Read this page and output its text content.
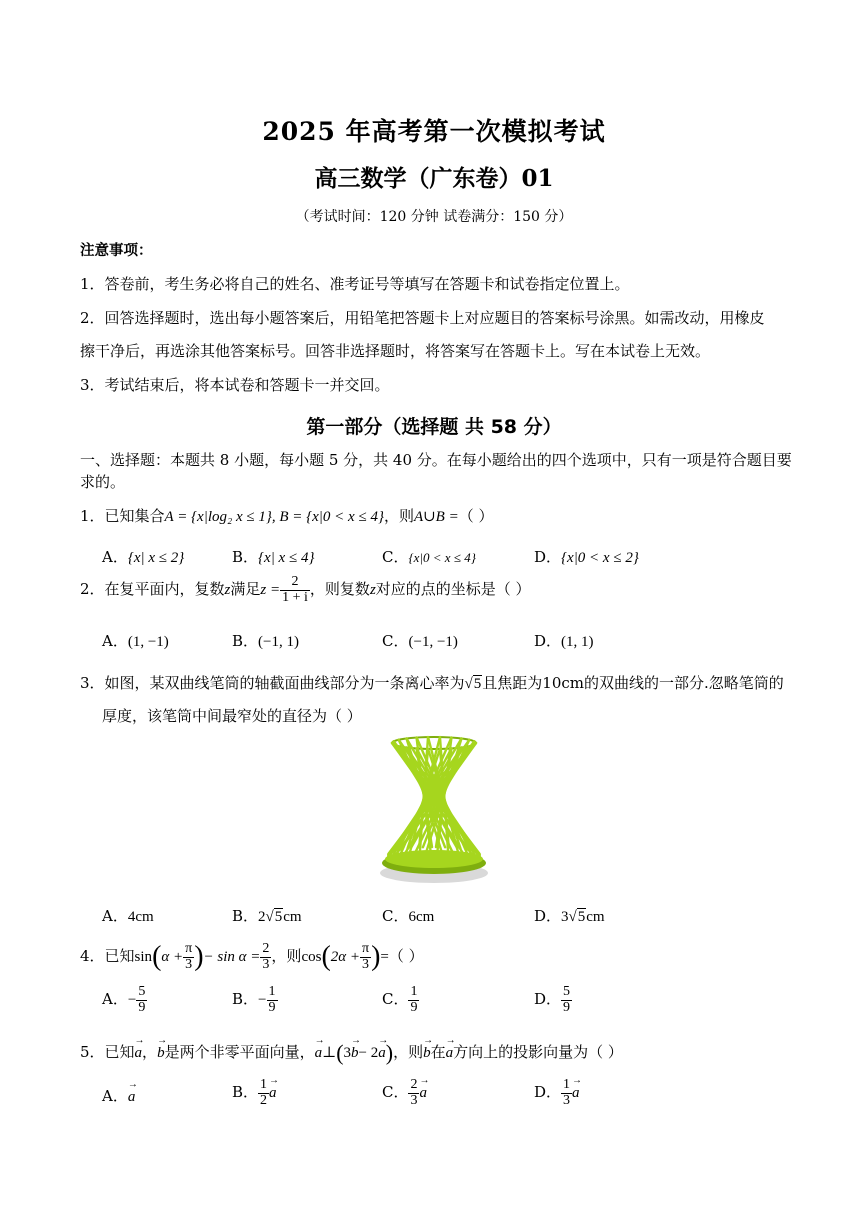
2025 年高考第一次模拟考试
高三数学（广东卷）01
（考试时间：120 分钟 试卷满分：150 分）
注意事项：
1．答卷前，考生务必将自己的姓名、准考证号等填写在答题卡和试卷指定位置上。
2．回答选择题时，选出每小题答案后，用铅笔把答题卡上对应题目的答案标号涂黑。如需改动，用橡皮
擦干净后，再选涂其他答案标号。回答非选择题时，将答案写在答题卡上。写在本试卷上无效。
3．考试结束后，将本试卷和答题卡一并交回。
第一部分（选择题 共 58 分）
一、选择题：本题共 8 小题，每小题 5 分，共 40 分。在每小题给出的四个选项中，只有一项是符合题目要
求的。
1．已知集合A = {x|log₂ x ≤ 1}, B = {x|0 < x ≤ 4}，则A∪B =（ ）
A．{x| x ≤ 2}	B．{x| x ≤ 4}	C．{x|0 < x ≤ 4}	D．{x|0 < x ≤ 2}
2．在复平面内，复数z满足$z = \frac{2}{1 + i}$ ，则复数z对应的点的坐标是（ ）
A．(1, −1)	B．(−1, 1)	C．(−1, −1)	D．(1, 1)
3．如图，某双曲线笔筒的轴截面曲线部分为一条离心率为√5且焦距为10cm的双曲线的一部分.忽略笔筒的
厚度，该笔筒中间最窄处的直径为（ ）
A．4cm	B．2√5cm	C．6cm	D．3√5cm
4．已知$\sin(\alpha + \frac{\pi}{3}$ )− $\sin \alpha = \frac{2}{3}$ ，则$\cos(2\alpha + \frac{\pi}{3}$ )=（ ）
A．− $\frac{5}{9}$	B．− $\frac{1}{9}$	C． $\frac{1}{9}$	D． $\frac{5}{9}$
5．已知→ a，→ b是两个非零平面向量，→ a⊥(3→ b− 2→ a)，则→ b在→ a方向上的投影向量为（ ）
A．→ a	B． $\frac{1}{2}$
→ a	C． $\frac{2}{3}$
→ a	D． $\frac{1}{3}$
→ a
